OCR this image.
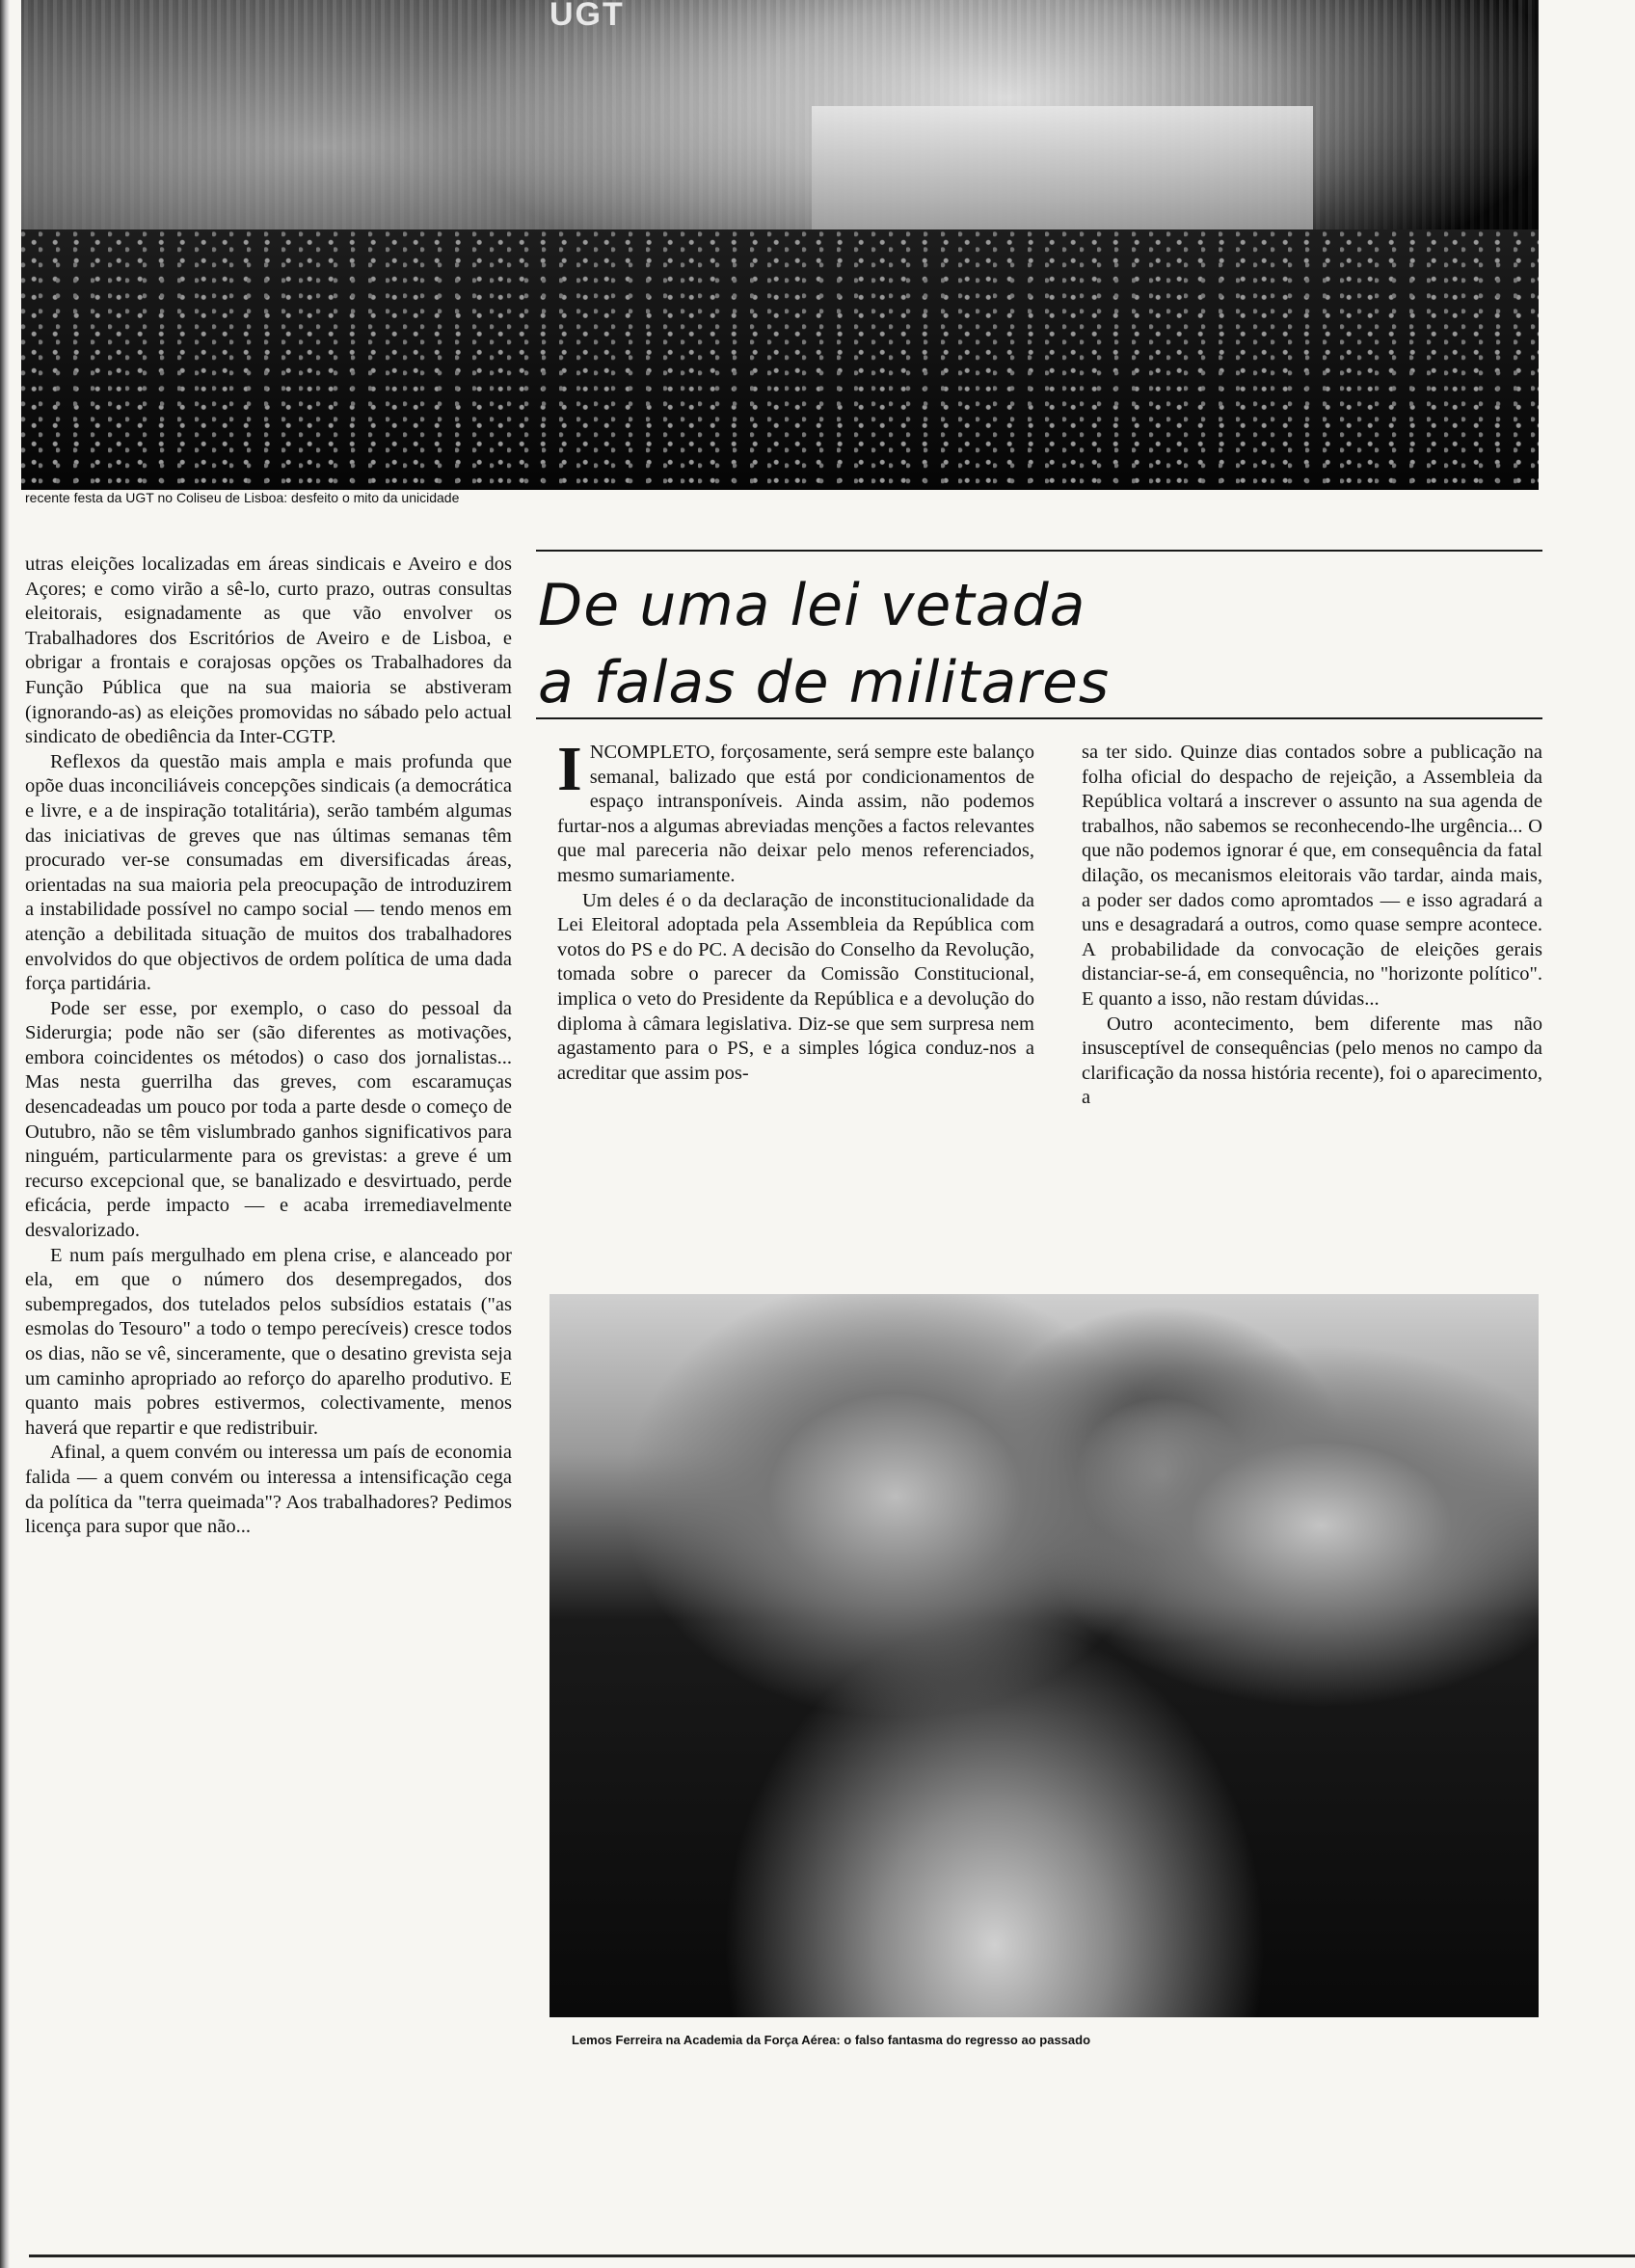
UGT
recente festa da UGT no Coliseu de Lisboa: desfeito o mito da unicidade
De uma lei vetada
a falas de militares

utras eleições localizadas em áreas sindicais e Aveiro e dos Açores; e como virão a sê-lo, curto prazo, outras consultas eleitorais, esignadamente as que vão envolver os Trabalhadores dos Escritórios de Aveiro e de Lisboa, e obrigar a frontais e corajosas opções os Trabalhadores da Função Pública que na sua maioria se abstiveram (ignorando-as) as eleições promovidas no sábado pelo actual sindicato de obediência da Inter-CGTP.

Reflexos da questão mais ampla e mais profunda que opõe duas inconciliáveis concepções sindicais (a democrática e livre, e a de inspiração totalitária), serão também algumas das iniciativas de greves que nas últimas semanas têm procurado ver-se consumadas em diversificadas áreas, orientadas na sua maioria pela preocupação de introduzirem a instabilidade possível no campo social — tendo menos em atenção a debilitada situação de muitos dos trabalhadores envolvidos do que objectivos de ordem política de uma dada força partidária.

Pode ser esse, por exemplo, o caso do pessoal da Siderurgia; pode não ser (são diferentes as motivações, embora coincidentes os métodos) o caso dos jornalistas... Mas nesta guerrilha das greves, com escaramuças desencadeadas um pouco por toda a parte desde o começo de Outubro, não se têm vislumbrado ganhos significativos para ninguém, particularmente para os grevistas: a greve é um recurso excepcional que, se banalizado e desvirtuado, perde eficácia, perde impacto — e acaba irremediavelmente desvalorizado.

E num país mergulhado em plena crise, e alanceado por ela, em que o número dos desempregados, dos subempregados, dos tutelados pelos subsídios estatais ("as esmolas do Tesouro" a todo o tempo perecíveis) cresce todos os dias, não se vê, sinceramente, que o desatino grevista seja um caminho apropriado ao reforço do aparelho produtivo. E quanto mais pobres estivermos, colectivamente, menos haverá que repartir e que redistribuir.

Afinal, a quem convém ou interessa um país de economia falida — a quem convém ou interessa a intensificação cega da política da "terra queimada"? Aos trabalhadores? Pedimos licença para supor que não...

INCOMPLETO, forçosamente, será sempre este balanço semanal, balizado que está por condicionamentos de espaço intransponíveis. Ainda assim, não podemos furtar-nos a algumas abreviadas menções a factos relevantes que mal pareceria não deixar pelo menos referenciados, mesmo sumariamente.

Um deles é o da declaração de inconstitucionalidade da Lei Eleitoral adoptada pela Assembleia da República com votos do PS e do PC. A decisão do Conselho da Revolução, tomada sobre o parecer da Comissão Constitucional, implica o veto do Presidente da República e a devolução do diploma à câmara legislativa. Diz-se que sem surpresa nem agastamento para o PS, e a simples lógica conduz-nos a acreditar que assim pos-

sa ter sido. Quinze dias contados sobre a publicação na folha oficial do despacho de rejeição, a Assembleia da República voltará a inscrever o assunto na sua agenda de trabalhos, não sabemos se reconhecendo-lhe urgência... O que não podemos ignorar é que, em consequência da fatal dilação, os mecanismos eleitorais vão tardar, ainda mais, a poder ser dados como apromtados — e isso agradará a uns e desagradará a outros, como quase sempre acontece. A probabilidade da convocação de eleições gerais distanciar-se-á, em consequência, no "horizonte político". E quanto a isso, não restam dúvidas...

Outro acontecimento, bem diferente mas não insusceptível de consequências (pelo menos no campo da clarificação da nossa história recente), foi o aparecimento, a

Lemos Ferreira na Academia da Força Aérea: o falso fantasma do regresso ao passado
